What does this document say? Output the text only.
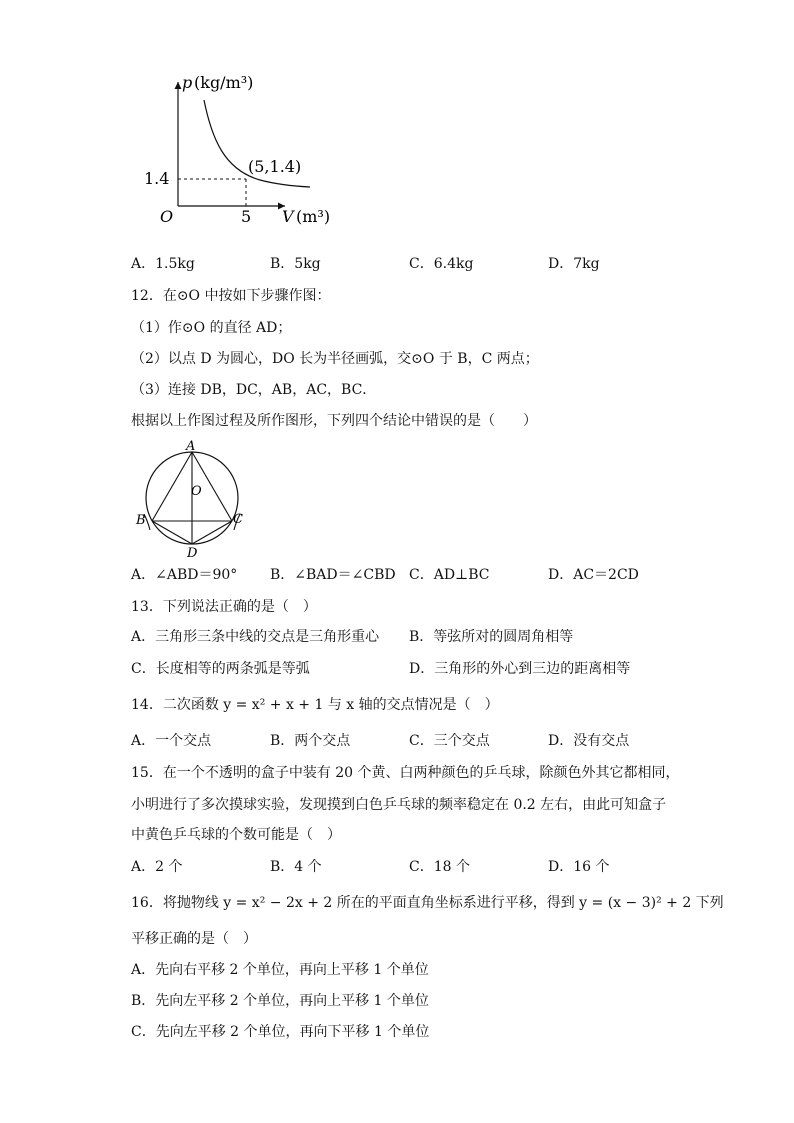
p (kg/m³)
(5,1.4)
1.4
O	5 V (m³)
A．1.5kg	B．5kg	C．6.4kg	D．7kg
12．在⊙O 中按如下步骤作图：
（1）作⊙O 的直径 AD；
（2）以点 D 为圆心，DO 长为半径画弧，交⊙O 于 B，C 两点；
（3）连接 DB，DC，AB，AC，BC．
根据以上作图过程及所作图形，下列四个结论中错误的是（　　）
A
O
B	C
D
A．∠ABD＝90° B．∠BAD＝∠CBD C．AD⊥BC	D．AC＝2CD
13．下列说法正确的是（　）
A．三角形三条中线的交点是三角形重心 B．等弦所对的圆周角相等
C．长度相等的两条弧是等弧	D．三角形的外心到三边的距离相等
14．二次函数 y = x² + x + 1 与 x 轴的交点情况是（　）
A．一个交点	B．两个交点	C．三个交点	D．没有交点
15．在一个不透明的盒子中装有 20 个黄、白两种颜色的乒乓球，除颜色外其它都相同，
小明进行了多次摸球实验，发现摸到白色乒乓球的频率稳定在 0.2 左右，由此可知盒子
中黄色乒乓球的个数可能是（　）
A．2 个	B．4 个	C．18 个	D．16 个
16．将抛物线 y = x² − 2x + 2 所在的平面直角坐标系进行平移，得到 y = (x − 3)² + 2 下列
平移正确的是（　）
A．先向右平移 2 个单位，再向上平移 1 个单位
B．先向左平移 2 个单位，再向上平移 1 个单位
C．先向左平移 2 个单位，再向下平移 1 个单位
